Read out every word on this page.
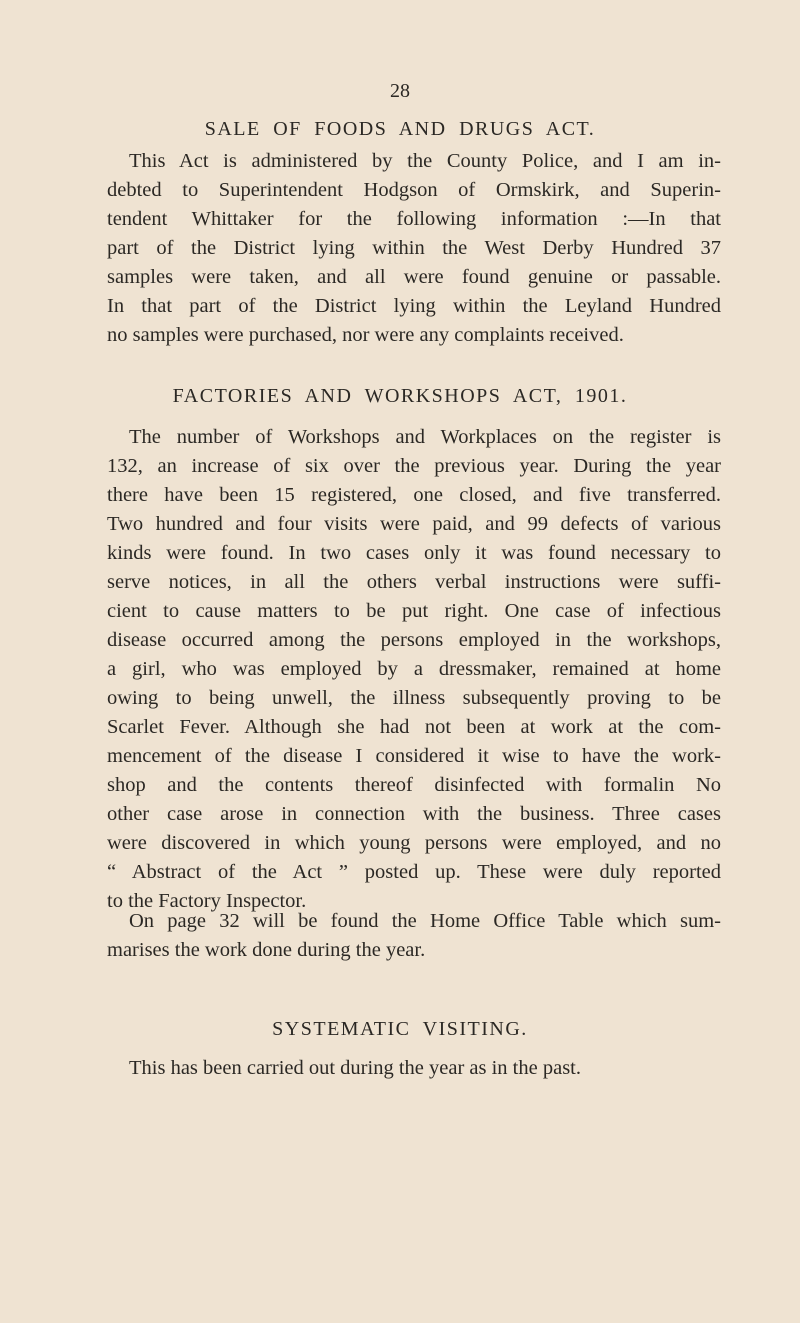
28
SALE OF FOODS AND DRUGS ACT.
This Act is administered by the County Police, and I am in-
debted to Superintendent Hodgson of Ormskirk, and Superin-
tendent Whittaker for the following information :—In that
part of the District lying within the West Derby Hundred 37
samples were taken, and all were found genuine or passable.
In that part of the District lying within the Leyland Hundred
no samples were purchased, nor were any complaints received.
FACTORIES AND WORKSHOPS ACT, 1901.
The number of Workshops and Workplaces on the register is
132, an increase of six over the previous year. During the year
there have been 15 registered, one closed, and five transferred.
Two hundred and four visits were paid, and 99 defects of various
kinds were found. In two cases only it was found necessary to
serve notices, in all the others verbal instructions were suffi-
cient to cause matters to be put right. One case of infectious
disease occurred among the persons employed in the workshops,
a girl, who was employed by a dressmaker, remained at home
owing to being unwell, the illness subsequently proving to be
Scarlet Fever. Although she had not been at work at the com-
mencement of the disease I considered it wise to have the work-
shop and the contents thereof disinfected with formalin No
other case arose in connection with the business. Three cases
were discovered in which young persons were employed, and no
“ Abstract of the Act ” posted up. These were duly reported
to the Factory Inspector.
On page 32 will be found the Home Office Table which sum-
marises the work done during the year.
SYSTEMATIC VISITING.
This has been carried out during the year as in the past.
